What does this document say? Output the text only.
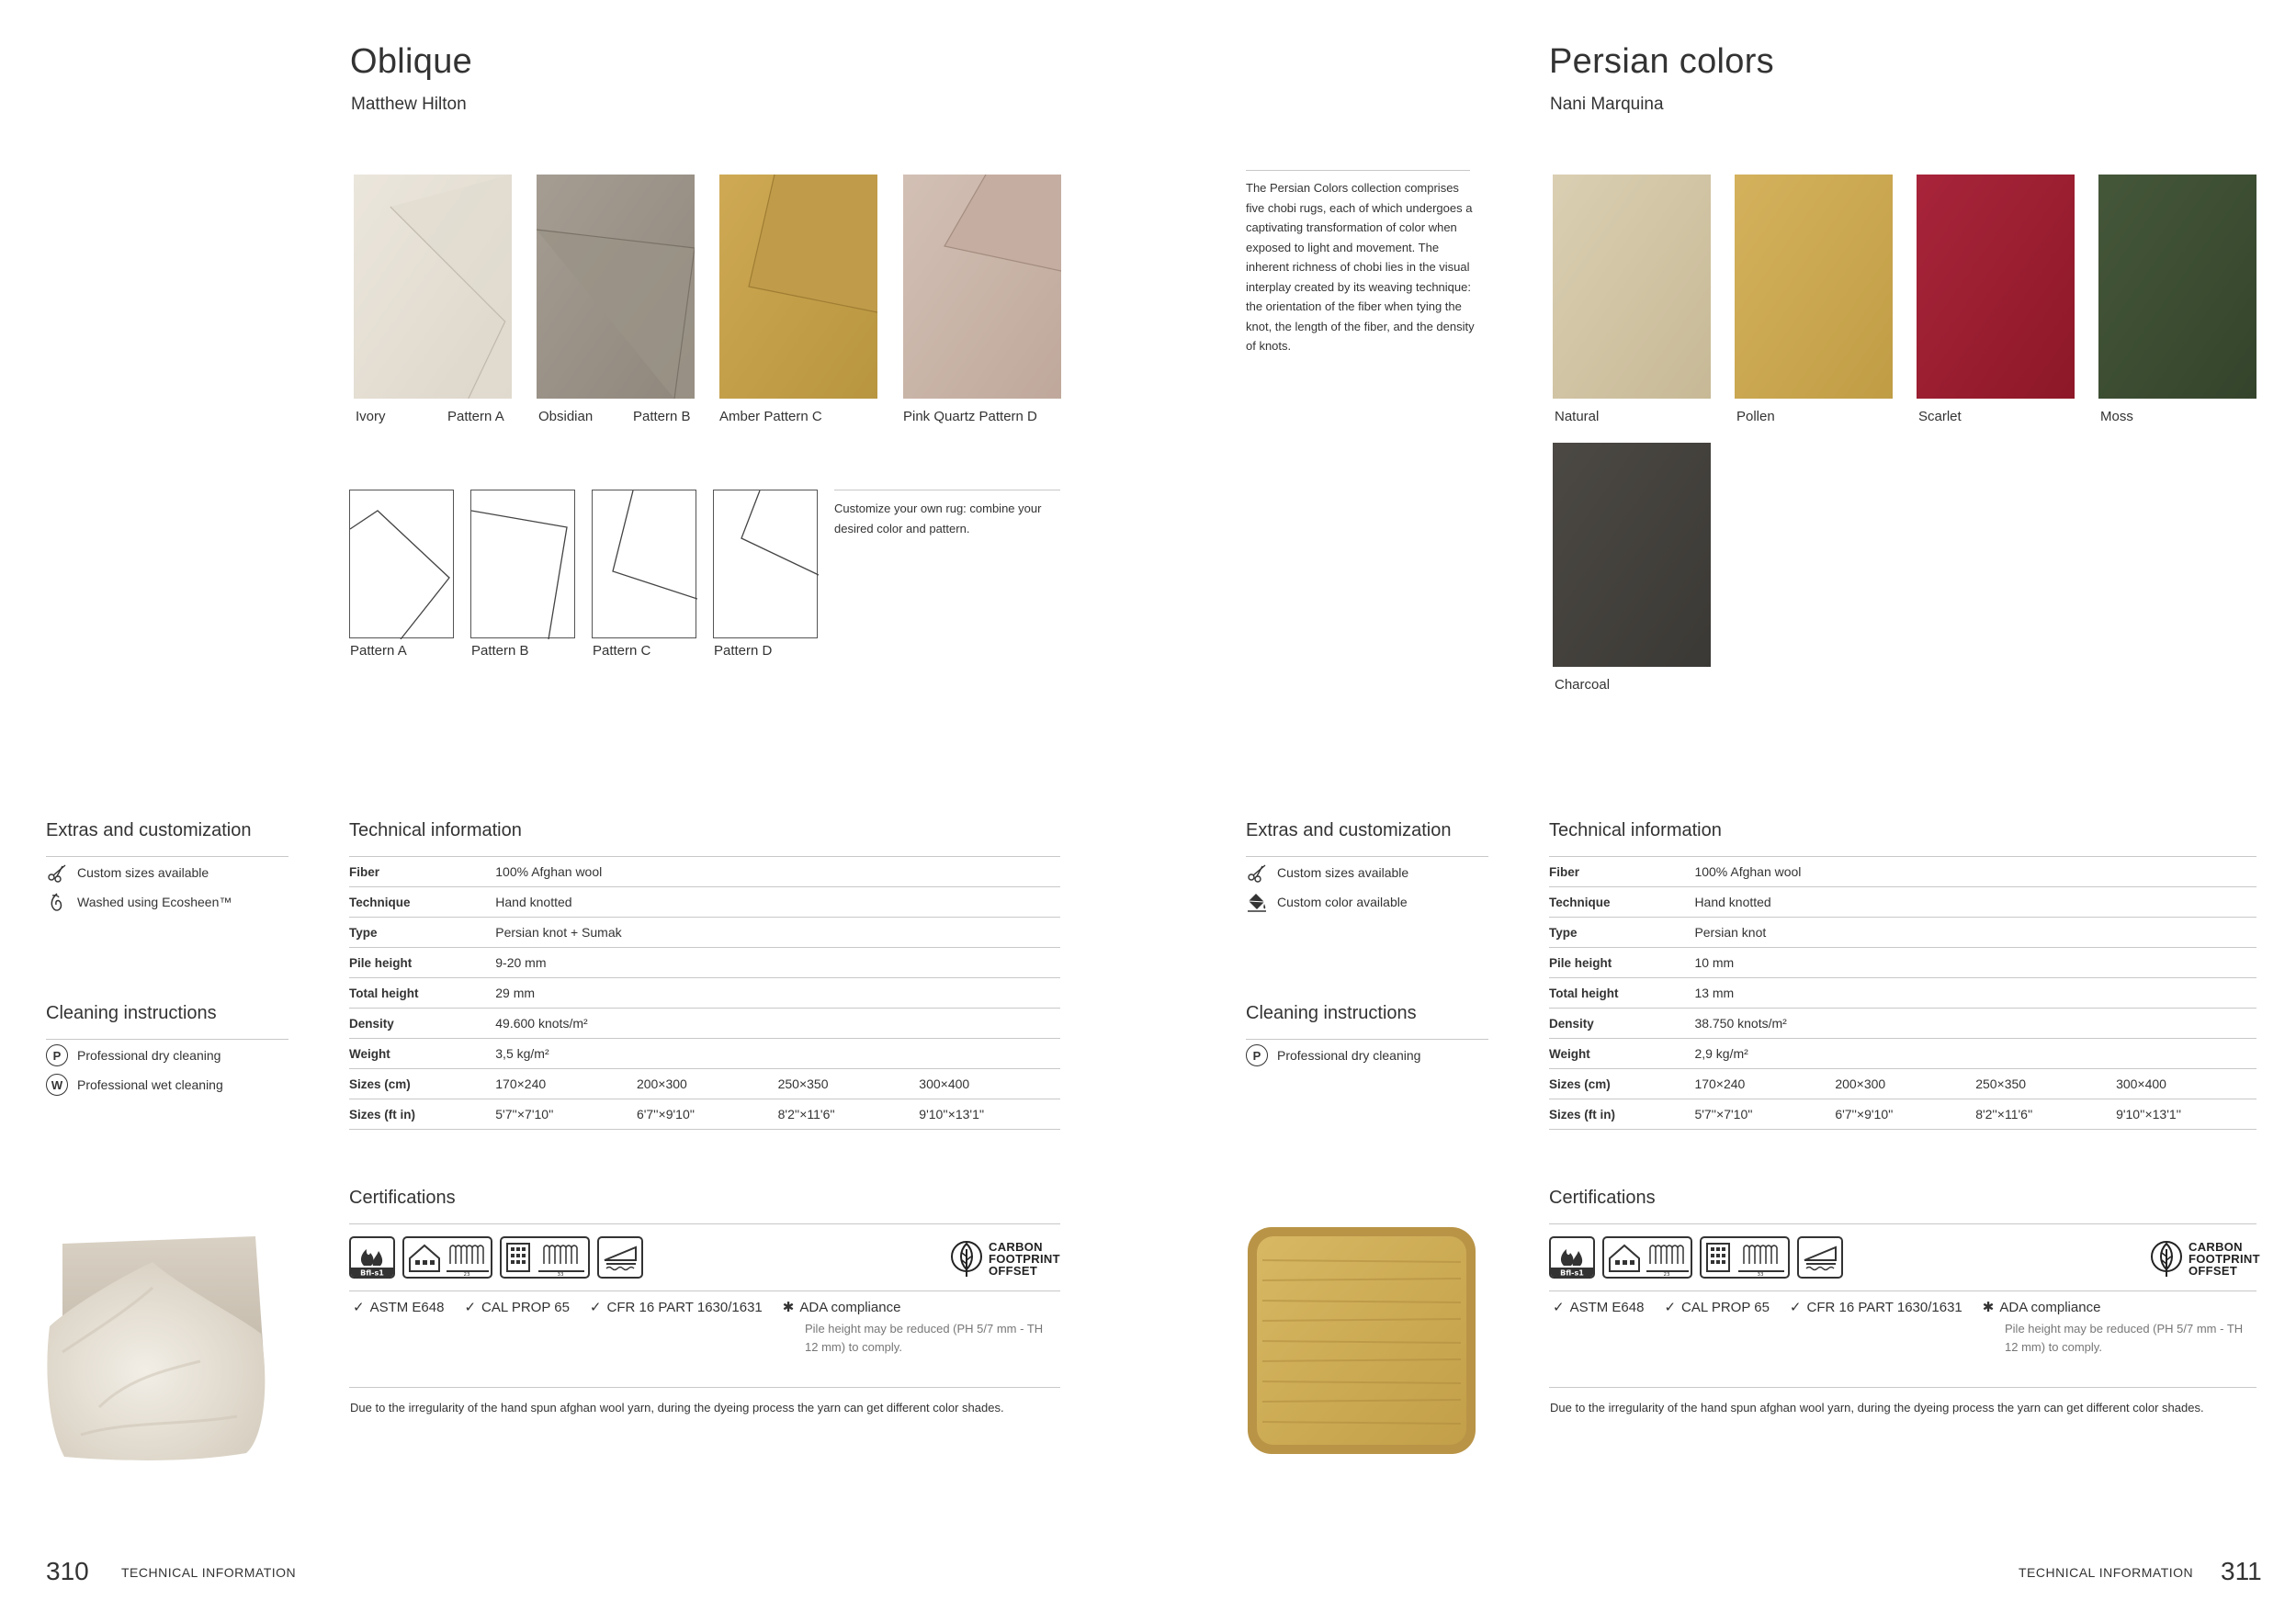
Oblique
Matthew Hilton
Ivory	Pattern A Obsidian	Pattern B Amber Pattern C	Pink Quartz Pattern D
Pattern A	Pattern B	Pattern C	Pattern D
Customize your own rug: combine your desired color and pattern.
Extras and customization
Custom sizes available
Washed using Ecosheen™
Cleaning instructions
P	Professional dry cleaning
W	Professional wet cleaning
Technical information
Fiber	100% Afghan wool			
Technique	Hand knotted			
Type	Persian knot + Sumak			
Pile height	9-20 mm			
Total height	29 mm			
Density	49.600 knots/m²			
Weight	3,5 kg/m²			
Sizes (cm)	170×240	200×300	250×350	300×400
Sizes (ft in)	5'7''×7'10''	6'7''×9'10''	8'2''×11'6''	9'10''×13'1''
Certifications
Bfl-s1	23	33
CARBON
FOOTPRINT
OFFSET
✓ ASTM E648 ✓ CAL PROP 65 ✓ CFR 16 PART 1630/1631 ✱ ADA compliance
Pile height may be reduced (PH 5/7 mm - TH 12 mm) to comply.
Due to the irregularity of the hand spun afghan wool yarn, during the dyeing process the yarn can get different color shades.
310	TECHNICAL INFORMATION
Persian colors
Nani Marquina
The Persian Colors collection comprises five chobi rugs, each of which undergoes a captivating transformation of color when exposed to light and movement. The inherent richness of chobi lies in the visual interplay created by its weaving technique: the orientation of the fiber when tying the knot, the length of the fiber, and the density of knots.
Natural	Pollen	Scarlet	Moss
Charcoal
Extras and customization
Custom sizes available
Custom color available
Cleaning instructions
P	Professional dry cleaning
Technical information
Fiber	100% Afghan wool			
Technique	Hand knotted			
Type	Persian knot			
Pile height	10 mm			
Total height	13 mm			
Density	38.750 knots/m²			
Weight	2,9 kg/m²			
Sizes (cm)	170×240	200×300	250×350	300×400
Sizes (ft in)	5'7''×7'10''	6'7''×9'10''	8'2''×11'6''	9'10''×13'1''
Certifications
Bfl-s1	23	33
CARBON
FOOTPRINT
OFFSET
✓ ASTM E648 ✓ CAL PROP 65 ✓ CFR 16 PART 1630/1631 ✱ ADA compliance
Pile height may be reduced (PH 5/7 mm - TH 12 mm) to comply.
Due to the irregularity of the hand spun afghan wool yarn, during the dyeing process the yarn can get different color shades.
TECHNICAL INFORMATION 311
